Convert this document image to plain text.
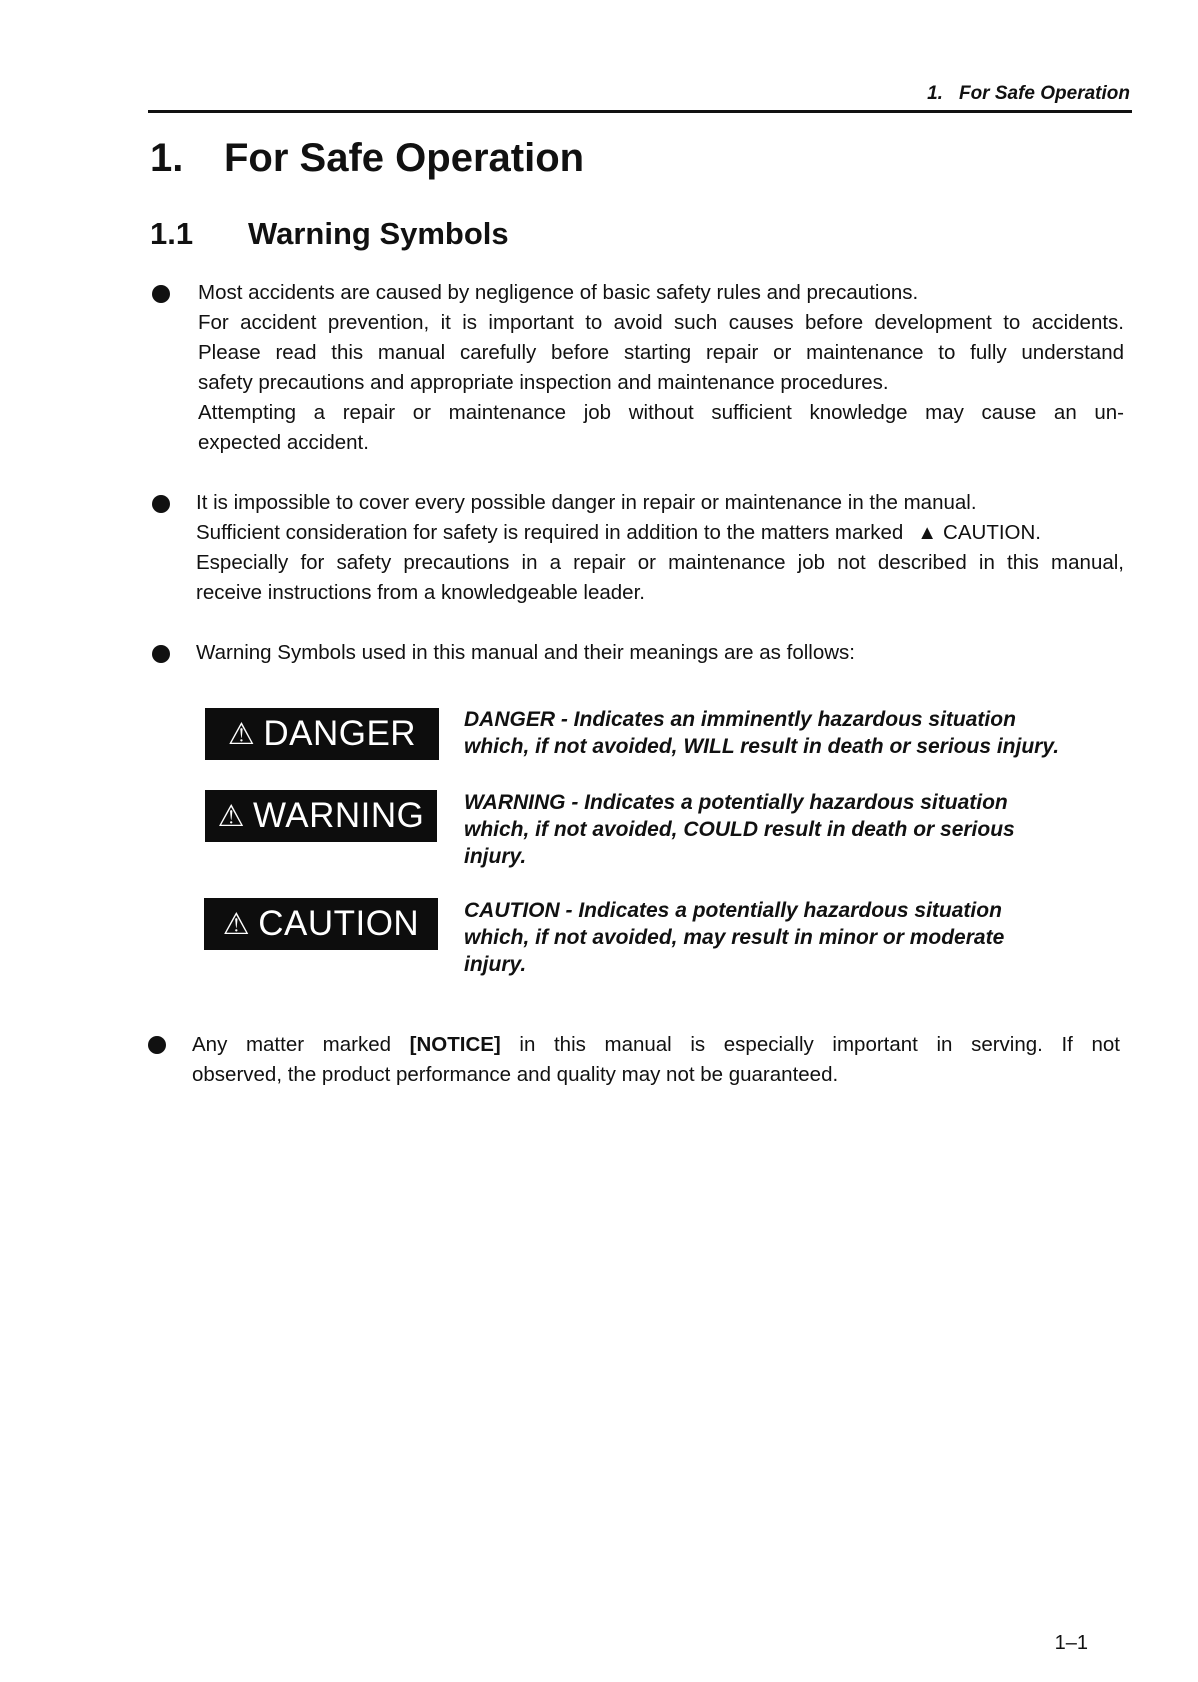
1. For Safe Operation
1. For Safe Operation
1.1 Warning Symbols
Most accidents are caused by negligence of basic safety rules and precautions.
For accident prevention, it is important to avoid such causes before development to accidents.
Please read this manual carefully before starting repair or maintenance to fully understand
safety precautions and appropriate inspection and maintenance procedures.
Attempting a repair or maintenance job without sufficient knowledge may cause an un-
expected accident.
It is impossible to cover every possible danger in repair or maintenance in the manual.
Sufficient consideration for safety is required in addition to the matters marked ▲ CAUTION.
Especially for safety precautions in a repair or maintenance job not described in this manual,
receive instructions from a knowledgeable leader.
Warning Symbols used in this manual and their meanings are as follows:
⚠ DANGER DANGER - Indicates an imminently hazardous situation
which, if not avoided, WILL result in death or serious injury.
⚠ WARNING WARNING - Indicates a potentially hazardous situation
which, if not avoided, COULD result in death or serious
injury.
⚠ CAUTION CAUTION - Indicates a potentially hazardous situation
which, if not avoided, may result in minor or moderate
injury.
Any matter marked [NOTICE] in this manual is especially important in serving. If not
observed, the product performance and quality may not be guaranteed.
1–1
